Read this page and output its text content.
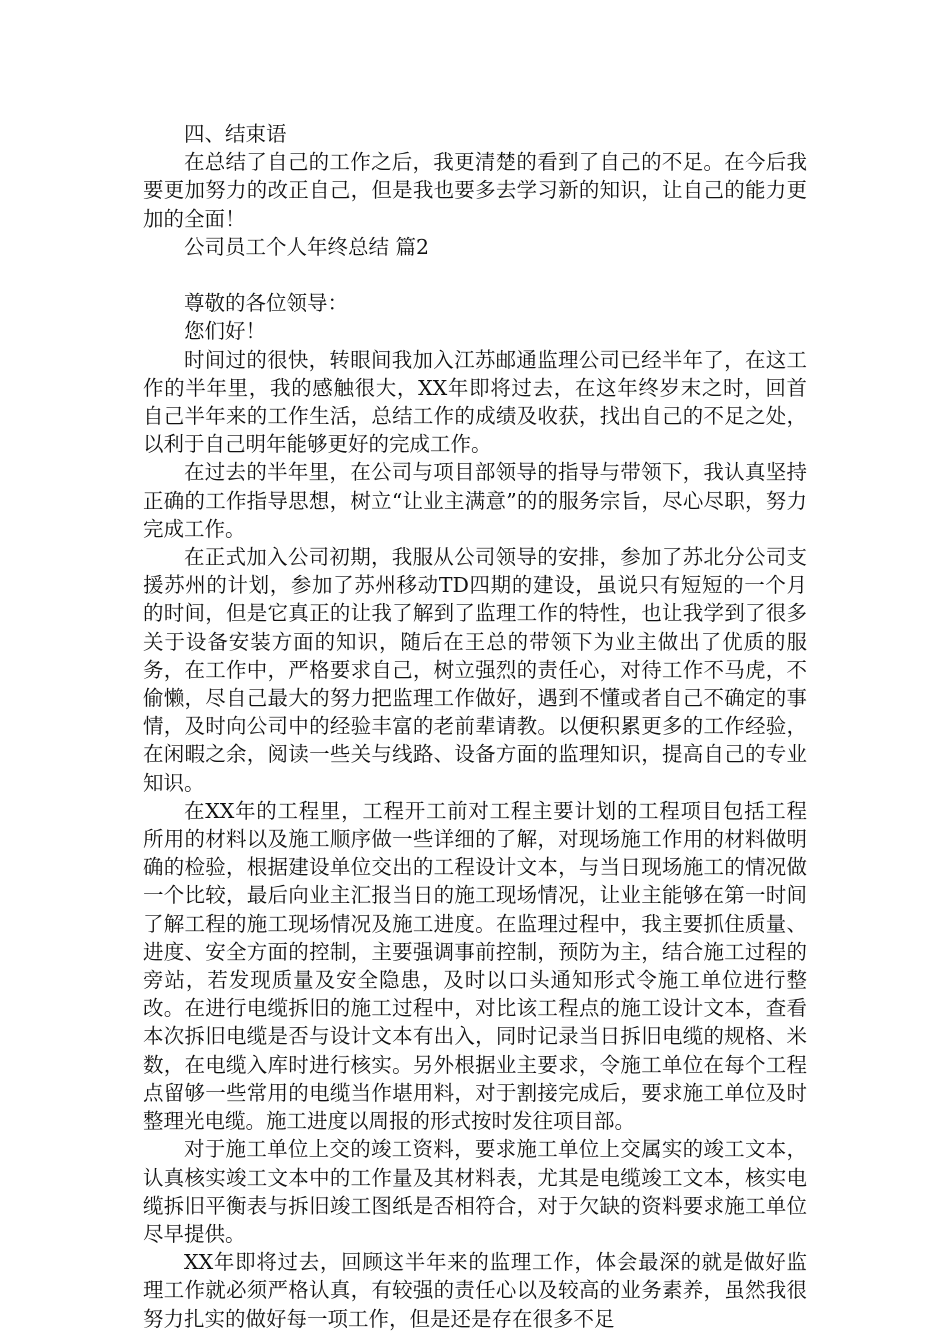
四、结束语

在总结了自己的工作之后，我更清楚的看到了自己的不足。在今后我要更加努力的改正自己，但是我也要多去学习新的知识，让自己的能力更加的全面！

公司员工个人年终总结 篇2

尊敬的各位领导：

您们好！

时间过的很快，转眼间我加入江苏邮通监理公司已经半年了，在这工作的半年里，我的感触很大，XX年即将过去，在这年终岁末之时，回首自己半年来的工作生活，总结工作的成绩及收获，找出自己的不足之处，以利于自己明年能够更好的完成工作。

在过去的半年里，在公司与项目部领导的指导与带领下，我认真坚持正确的工作指导思想，树立“让业主满意”的的服务宗旨，尽心尽职，努力完成工作。

在正式加入公司初期，我服从公司领导的安排，参加了苏北分公司支援苏州的计划，参加了苏州移动TD四期的建设，虽说只有短短的一个月的时间，但是它真正的让我了解到了监理工作的特性，也让我学到了很多关于设备安装方面的知识，随后在王总的带领下为业主做出了优质的服务，在工作中，严格要求自己，树立强烈的责任心，对待工作不马虎，不偷懒，尽自己最大的努力把监理工作做好，遇到不懂或者自己不确定的事情，及时向公司中的经验丰富的老前辈请教。以便积累更多的工作经验，在闲暇之余，阅读一些关与线路、设备方面的监理知识，提高自己的专业知识。

在XX年的工程里，工程开工前对工程主要计划的工程项目包括工程所用的材料以及施工顺序做一些详细的了解，对现场施工作用的材料做明确的检验，根据建设单位交出的工程设计文本，与当日现场施工的情况做一个比较，最后向业主汇报当日的施工现场情况，让业主能够在第一时间了解工程的施工现场情况及施工进度。在监理过程中，我主要抓住质量、进度、安全方面的控制，主要强调事前控制，预防为主，结合施工过程的旁站，若发现质量及安全隐患，及时以口头通知形式令施工单位进行整改。在进行电缆拆旧的施工过程中，对比该工程点的施工设计文本，查看本次拆旧电缆是否与设计文本有出入，同时记录当日拆旧电缆的规格、米数，在电缆入库时进行核实。另外根据业主要求，令施工单位在每个工程点留够一些常用的电缆当作堪用料，对于割接完成后，要求施工单位及时整理光电缆。施工进度以周报的形式按时发往项目部。

对于施工单位上交的竣工资料，要求施工单位上交属实的竣工文本，认真核实竣工文本中的工作量及其材料表，尤其是电缆竣工文本，核实电缆拆旧平衡表与拆旧竣工图纸是否相符合，对于欠缺的资料要求施工单位尽早提供。

XX年即将过去，回顾这半年来的监理工作，体会最深的就是做好监理工作就必须严格认真，有较强的责任心以及较高的业务素养，虽然我很努力扎实的做好每一项工作，但是还是存在很多不足
